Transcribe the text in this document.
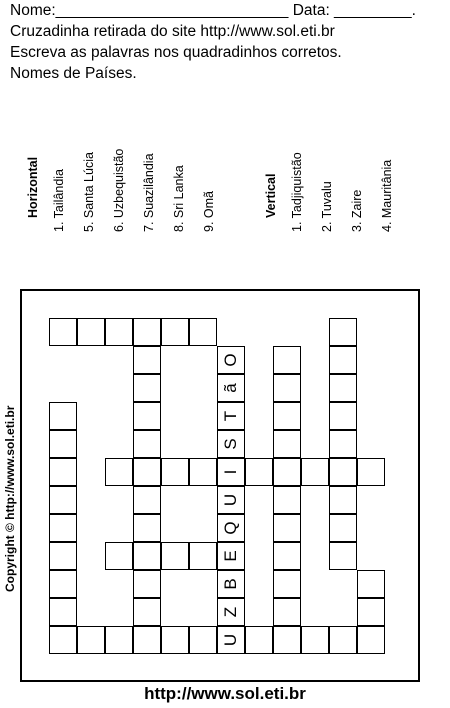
Nome:___________________________ Data: _________.
Cruzadinha retirada do site http://www.sol.eti.br
Escreva as palavras nos quadradinhos corretos.
Nomes de Países.
Horizontal 1. Tailândia 5. Santa Lúcia 6. Uzbequistão 7. Suazilândia 8. Sri Lanka 9. Omã	Vertical 1. Tadjiquistão 2. Tuvalu 3. Zaire 4. Mauritânia
Copyright © http://www.sol.eti.br
U
Z
B
E
Q
U
I
S
T
ã
O
http://www.sol.eti.br
